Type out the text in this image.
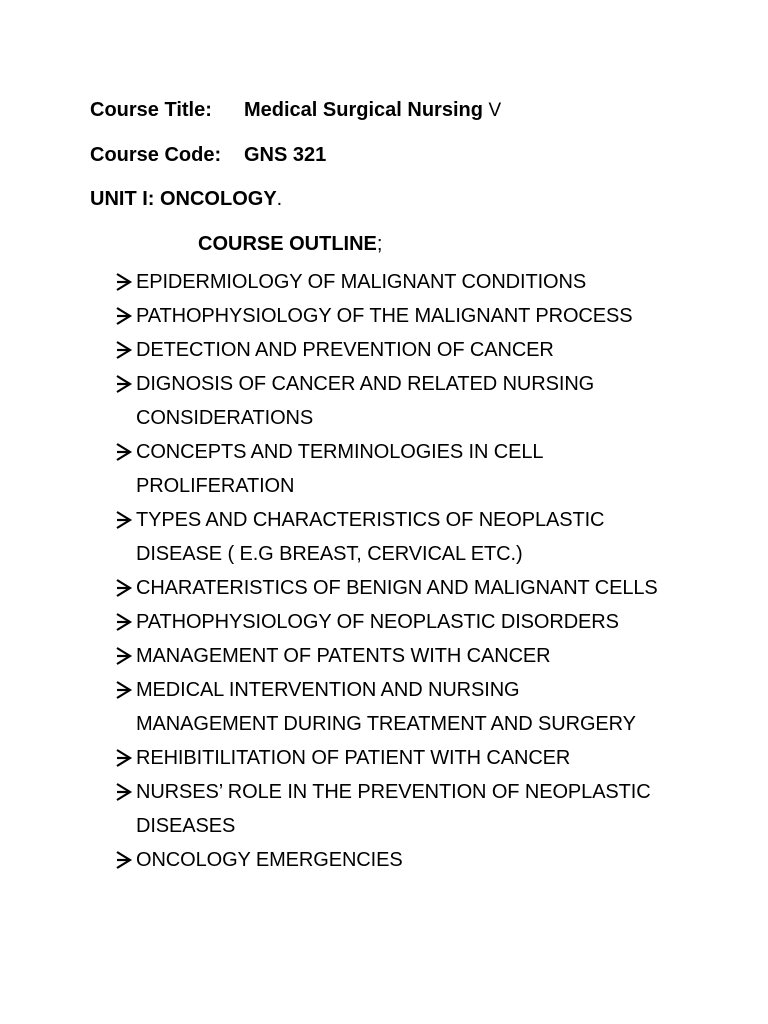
Course Title: Medical Surgical Nursing V
Course Code: GNS 321
UNIT I: ONCOLOGY.
COURSE OUTLINE;
EPIDERMIOLOGY OF MALIGNANT CONDITIONS
PATHOPHYSIOLOGY OF THE MALIGNANT PROCESS
DETECTION AND PREVENTION OF CANCER
DIGNOSIS OF CANCER AND RELATED NURSING
CONSIDERATIONS
CONCEPTS AND TERMINOLOGIES IN CELL
PROLIFERATION
TYPES AND CHARACTERISTICS OF NEOPLASTIC
DISEASE ( E.G BREAST, CERVICAL ETC.)
CHARATERISTICS OF BENIGN AND MALIGNANT CELLS
PATHOPHYSIOLOGY OF NEOPLASTIC DISORDERS
MANAGEMENT OF PATENTS WITH CANCER
MEDICAL INTERVENTION AND NURSING
MANAGEMENT DURING TREATMENT AND SURGERY
REHIBITILITATION OF PATIENT WITH CANCER
NURSES’ ROLE IN THE PREVENTION OF NEOPLASTIC
DISEASES
ONCOLOGY EMERGENCIES
